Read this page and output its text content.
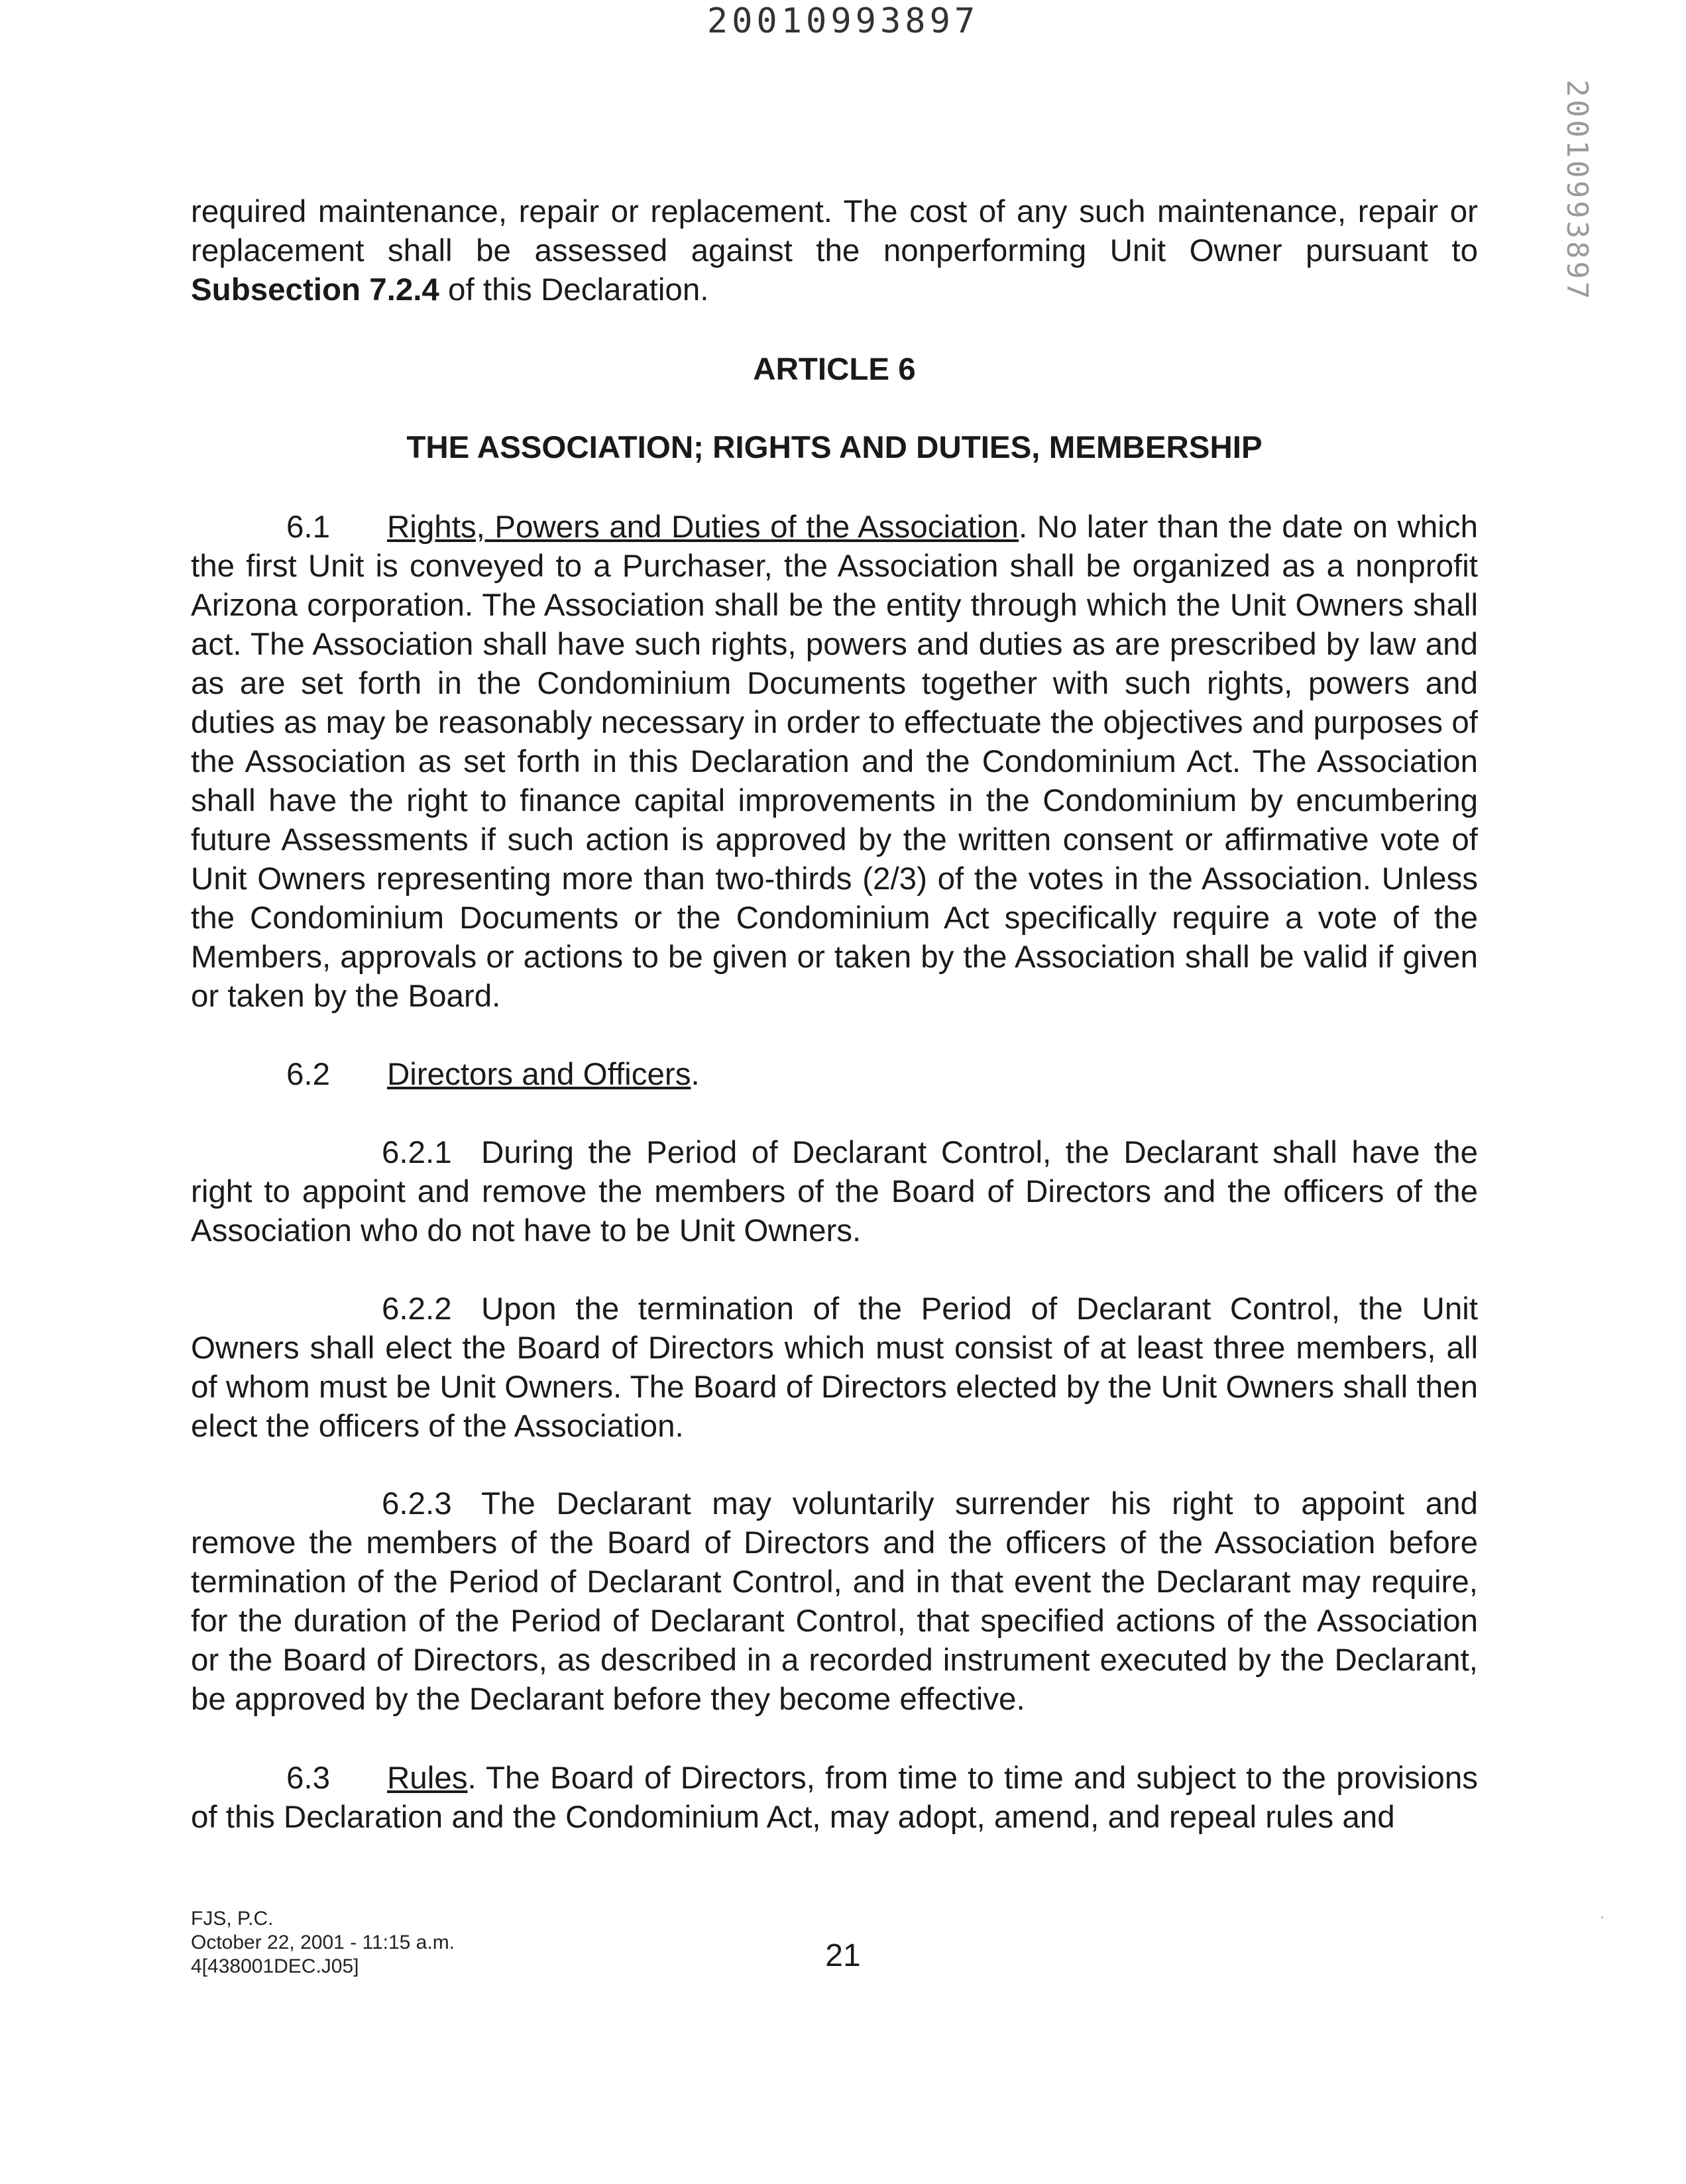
20010993897
20010993897

required maintenance, repair or replacement. The cost of any such maintenance, repair or replacement shall be assessed against the nonperforming Unit Owner pursuant to Subsection 7.2.4 of this Declaration.

ARTICLE 6
THE ASSOCIATION; RIGHTS AND DUTIES, MEMBERSHIP

6.1 Rights, Powers and Duties of the Association. No later than the date on which the first Unit is conveyed to a Purchaser, the Association shall be organized as a nonprofit Arizona corporation. The Association shall be the entity through which the Unit Owners shall act. The Association shall have such rights, powers and duties as are prescribed by law and as are set forth in the Condominium Documents together with such rights, powers and duties as may be reasonably necessary in order to effectuate the objectives and purposes of the Association as set forth in this Declaration and the Condominium Act. The Association shall have the right to finance capital improvements in the Condominium by encumbering future Assessments if such action is approved by the written consent or affirmative vote of Unit Owners representing more than two-thirds (2/3) of the votes in the Association. Unless the Condominium Documents or the Condominium Act specifically require a vote of the Members, approvals or actions to be given or taken by the Association shall be valid if given or taken by the Board.

6.2 Directors and Officers.

6.2.1 During the Period of Declarant Control, the Declarant shall have the right to appoint and remove the members of the Board of Directors and the officers of the Association who do not have to be Unit Owners.

6.2.2 Upon the termination of the Period of Declarant Control, the Unit Owners shall elect the Board of Directors which must consist of at least three members, all of whom must be Unit Owners. The Board of Directors elected by the Unit Owners shall then elect the officers of the Association.

6.2.3 The Declarant may voluntarily surrender his right to appoint and remove the members of the Board of Directors and the officers of the Association before termination of the Period of Declarant Control, and in that event the Declarant may require, for the duration of the Period of Declarant Control, that specified actions of the Association or the Board of Directors, as described in a recorded instrument executed by the Declarant, be approved by the Declarant before they become effective.

6.3 Rules. The Board of Directors, from time to time and subject to the provisions of this Declaration and the Condominium Act, may adopt, amend, and repeal rules and

FJS, P.C.
October 22, 2001 - 11:15 a.m.
4[438001DEC.J05]	21
